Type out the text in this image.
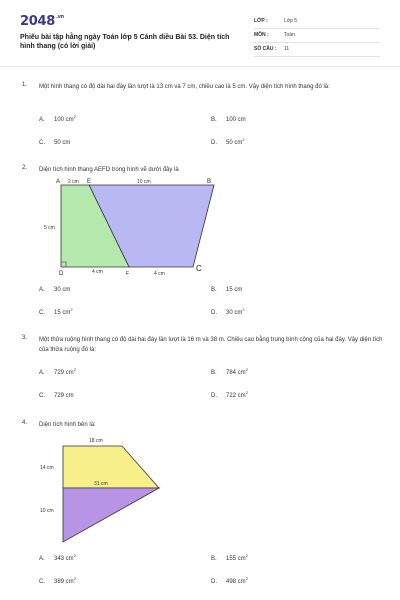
$2048^{.vn}$
Phiếu bài tập hằng ngày Toán lớp 5 Cánh diều Bài 53. Diện tích hình thang (có lời giải)
LỚP :	Lớp 5
MÔN :	Toán
SỐ CÂU : 11
1. Một hình thang có độ dài hai đáy lần lượt là 13 cm và 7 cm, chiều cao là 5 cm. Vậy diện tích hình thang đó là:
A. 100 $cm^2$
B. 100 cm
C. 50 cm	D. 50 $cm^2$
2. Diện tích hình thang AEFD trong hình vẽ dưới đây là
A	E	B
D	F
C
2 cm	10 cm
5 cm
4 cm	4 cm
A. 30 cm	B. 15 cm
C. 15 $cm^2$
D. 30 $cm^2$
3. Một thửa ruộng hình thang có độ dài hai đáy lần lượt là 16 m và 38 m. Chiều cao bằng trung bình cộng của hai đáy. Vậy diện tích của thửa ruộng đó là:
A. 729 $cm^2$
B. 784 $cm^2$
C. 729 cm	D. 722 $cm^2$
4. Diện tích hình bên là:
18 cm
14 cm
31 cm
10 cm
A. 343 $cm^2$
B. 155 $cm^2$
C. 389 $cm^2$
D. 498 $cm^2$
